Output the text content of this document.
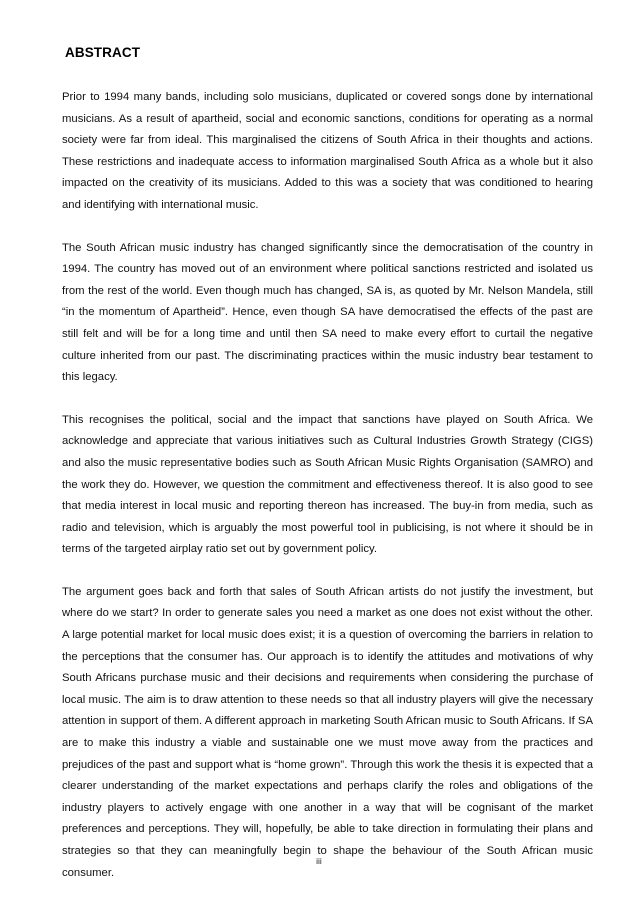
ABSTRACT

Prior to 1994 many bands, including solo musicians, duplicated or covered songs done by international musicians. As a result of apartheid, social and economic sanctions, conditions for operating as a normal society were far from ideal. This marginalised the citizens of South Africa in their thoughts and actions. These restrictions and inadequate access to information marginalised South Africa as a whole but it also impacted on the creativity of its musicians. Added to this was a society that was conditioned to hearing and identifying with international music.

The South African music industry has changed significantly since the democratisation of the country in 1994. The country has moved out of an environment where political sanctions restricted and isolated us from the rest of the world. Even though much has changed, SA is, as quoted by Mr. Nelson Mandela, still “in the momentum of Apartheid”. Hence, even though SA have democratised the effects of the past are still felt and will be for a long time and until then SA need to make every effort to curtail the negative culture inherited from our past. The discriminating practices within the music industry bear testament to this legacy.

This recognises the political, social and the impact that sanctions have played on South Africa. We acknowledge and appreciate that various initiatives such as Cultural Industries Growth Strategy (CIGS) and also the music representative bodies such as South African Music Rights Organisation (SAMRO) and the work they do. However, we question the commitment and effectiveness thereof. It is also good to see that media interest in local music and reporting thereon has increased. The buy-in from media, such as radio and television, which is arguably the most powerful tool in publicising, is not where it should be in terms of the targeted airplay ratio set out by government policy.

The argument goes back and forth that sales of South African artists do not justify the investment, but where do we start? In order to generate sales you need a market as one does not exist without the other. A large potential market for local music does exist; it is a question of overcoming the barriers in relation to the perceptions that the consumer has. Our approach is to identify the attitudes and motivations of why South Africans purchase music and their decisions and requirements when considering the purchase of local music. The aim is to draw attention to these needs so that all industry players will give the necessary attention in support of them. A different approach in marketing South African music to South Africans. If SA are to make this industry a viable and sustainable one we must move away from the practices and prejudices of the past and support what is “home grown”. Through this work the thesis it is expected that a clearer understanding of the market expectations and perhaps clarify the roles and obligations of the industry players to actively engage with one another in a way that will be cognisant of the market preferences and perceptions. They will, hopefully, be able to take direction in formulating their plans and strategies so that they can meaningfully begin to shape the behaviour of the South African music consumer.

iii
